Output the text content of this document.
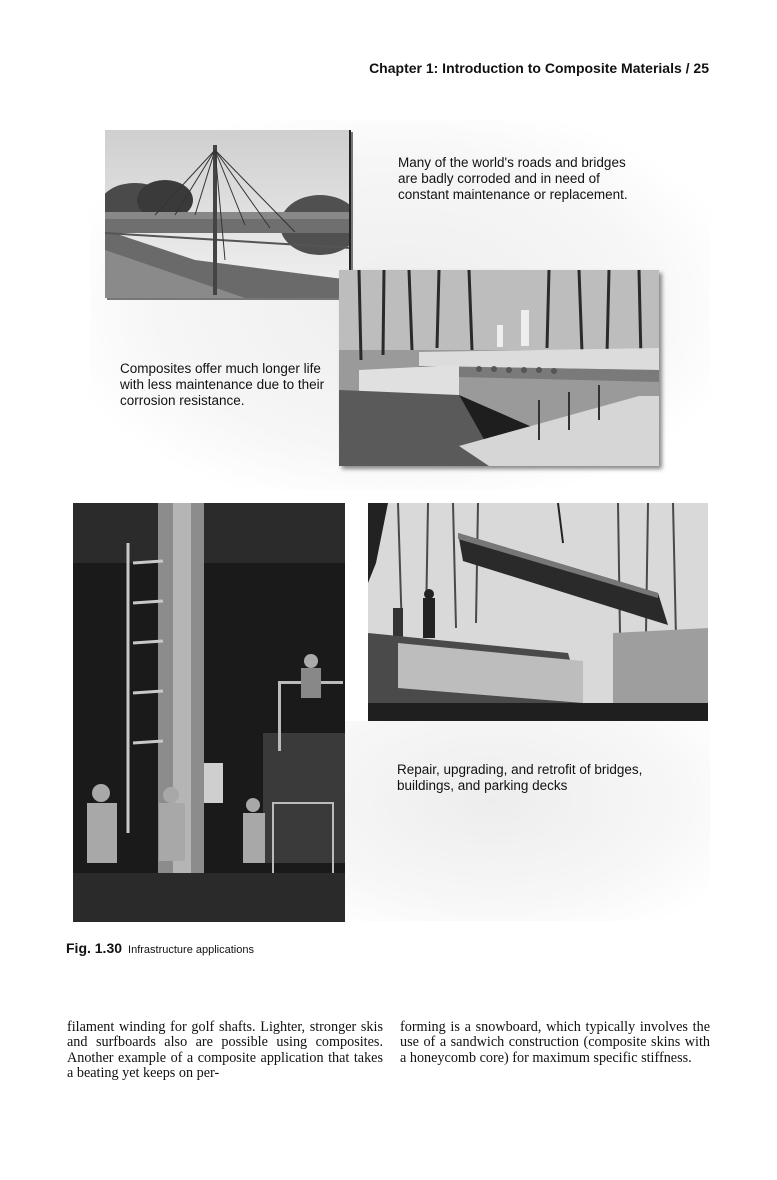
Chapter 1: Introduction to Composite Materials / 25
Many of the world's roads and bridges are badly corroded and in need of constant maintenance or replacement.
Composites offer much longer life with less maintenance due to their corrosion resistance.
Repair, upgrading, and retrofit of bridges, buildings, and parking decks
Fig. 1.30 Infrastructure applications
filament winding for golf shafts. Lighter, stronger skis and surfboards also are possible using composites. Another example of a composite application that takes a beating yet keeps on per-
forming is a snowboard, which typically involves the use of a sandwich construction (composite skins with a honeycomb core) for maximum specific stiffness.
